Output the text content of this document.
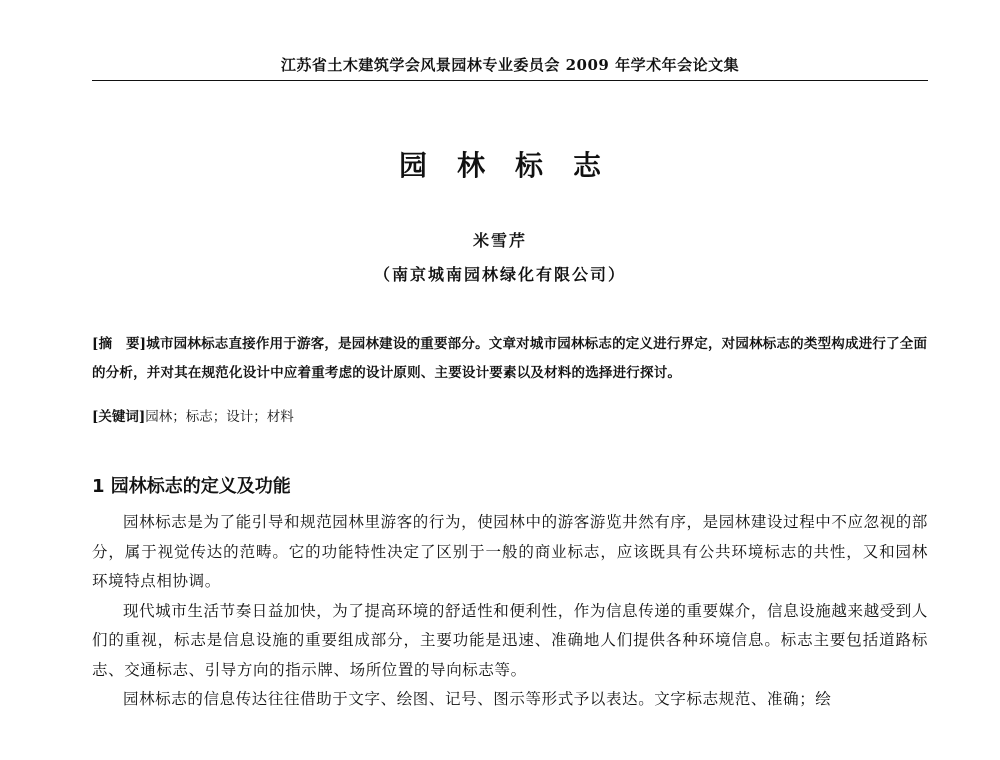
江苏省土木建筑学会风景园林专业委员会 2009 年学术年会论文集
园林标志
米雪芹
（南京城南园林绿化有限公司）
[摘　要]城市园林标志直接作用于游客，是园林建设的重要部分。文章对城市园林标志的定义进行界定，对园林标志的类型构成进行了全面的分析，并对其在规范化设计中应着重考虑的设计原则、主要设计要素以及材料的选择进行探讨。
[关键词]园林；标志；设计；材料
1 园林标志的定义及功能

园林标志是为了能引导和规范园林里游客的行为，使园林中的游客游览井然有序，是园林建设过程中不应忽视的部分，属于视觉传达的范畴。它的功能特性决定了区别于一般的商业标志，应该既具有公共环境标志的共性，又和园林环境特点相协调。

现代城市生活节奏日益加快，为了提高环境的舒适性和便利性，作为信息传递的重要媒介，信息设施越来越受到人们的重视，标志是信息设施的重要组成部分，主要功能是迅速、准确地人们提供各种环境信息。标志主要包括道路标志、交通标志、引导方向的指示牌、场所位置的导向标志等。

园林标志的信息传达往往借助于文字、绘图、记号、图示等形式予以表达。文字标志规范、准确；绘
